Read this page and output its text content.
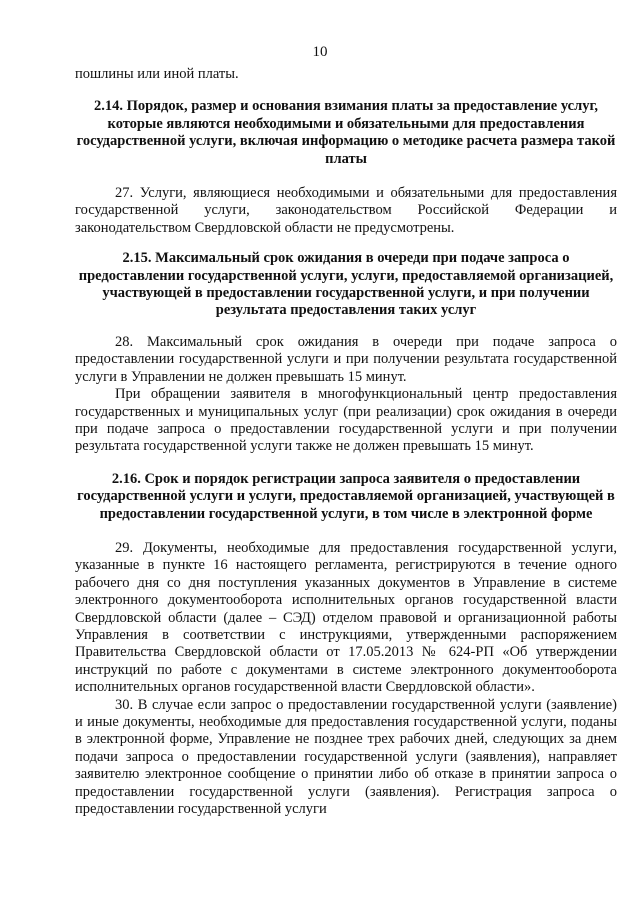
10

пошлины или иной платы.

2.14. Порядок, размер и основания взимания платы за предоставление услуг, которые являются необходимыми и обязательными для предоставления государственной услуги, включая информацию о методике расчета размера такой платы

27. Услуги, являющиеся необходимыми и обязательными для предоставления государственной услуги, законодательством Российской Федерации и законодательством Свердловской области не предусмотрены.

2.15. Максимальный срок ожидания в очереди при подаче запроса о предоставлении государственной услуги, услуги, предоставляемой организацией, участвующей в предоставлении государственной услуги, и при получении результата предоставления таких услуг

28. Максимальный срок ожидания в очереди при подаче запроса о предоставлении государственной услуги и при получении результата государственной услуги в Управлении не должен превышать 15 минут.

При обращении заявителя в многофункциональный центр предоставления государственных и муниципальных услуг (при реализации) срок ожидания в очереди при подаче запроса о предоставлении государственной услуги и при получении результата государственной услуги также не должен превышать 15 минут.

2.16. Срок и порядок регистрации запроса заявителя о предоставлении государственной услуги и услуги, предоставляемой организацией, участвующей в предоставлении государственной услуги, в том числе в электронной форме

29. Документы, необходимые для предоставления государственной услуги, указанные в пункте 16 настоящего регламента, регистрируются в течение одного рабочего дня со дня поступления указанных документов в Управление в системе электронного документооборота исполнительных органов государственной власти Свердловской области (далее – СЭД) отделом правовой и организационной работы Управления в соответствии с инструкциями, утвержденными распоряжением Правительства Свердловской области от 17.05.2013 № 624-РП «Об утверждении инструкций по работе с документами в системе электронного документооборота исполнительных органов государственной власти Свердловской области».

30. В случае если запрос о предоставлении государственной услуги (заявление) и иные документы, необходимые для предоставления государственной услуги, поданы в электронной форме, Управление не позднее трех рабочих дней, следующих за днем подачи запроса о предоставлении государственной услуги (заявления), направляет заявителю электронное сообщение о принятии либо об отказе в принятии запроса о предоставлении государственной услуги (заявления). Регистрация запроса о предоставлении государственной услуги
